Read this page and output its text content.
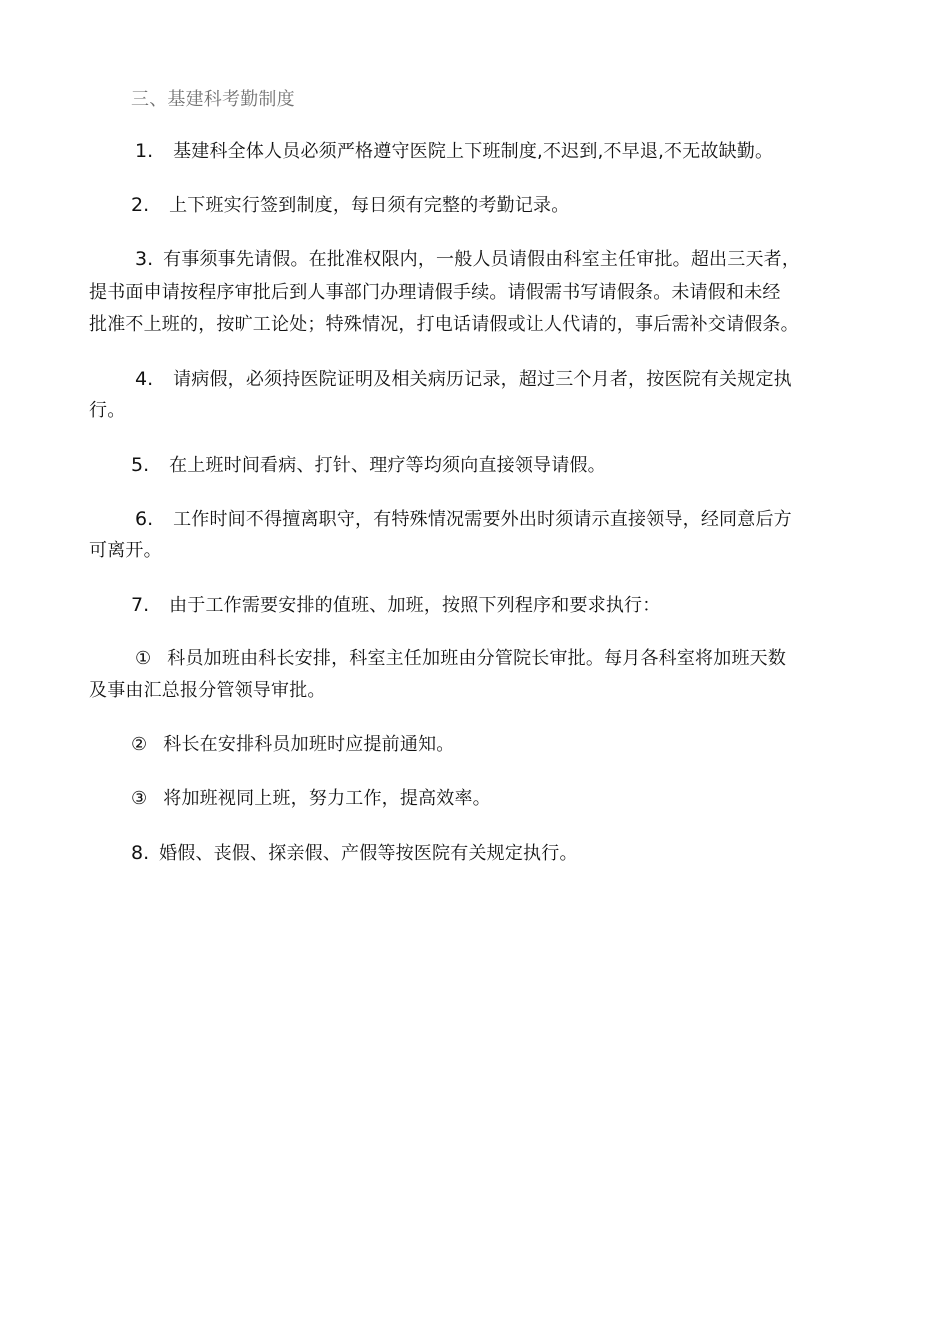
三、基建科考勤制度
1. 基建科全体人员必须严格遵守医院上下班制度,不迟到,不早退,不无故缺勤。
2. 上下班实行签到制度，每日须有完整的考勤记录。
3. 有事须事先请假。在批准权限内，一般人员请假由科室主任审批。超出三天者，
提书面申请按程序审批后到人事部门办理请假手续。请假需书写请假条。未请假和未经
批准不上班的，按旷工论处；特殊情况，打电话请假或让人代请的，事后需补交请假条。
4. 请病假，必须持医院证明及相关病历记录，超过三个月者，按医院有关规定执
行。
5. 在上班时间看病、打针、理疗等均须向直接领导请假。
6. 工作时间不得擅离职守，有特殊情况需要外出时须请示直接领导，经同意后方
可离开。
7. 由于工作需要安排的值班、加班，按照下列程序和要求执行：
① 科员加班由科长安排，科室主任加班由分管院长审批。每月各科室将加班天数
及事由汇总报分管领导审批。
② 科长在安排科员加班时应提前通知。
③ 将加班视同上班，努力工作，提高效率。
8. 婚假、丧假、探亲假、产假等按医院有关规定执行。
